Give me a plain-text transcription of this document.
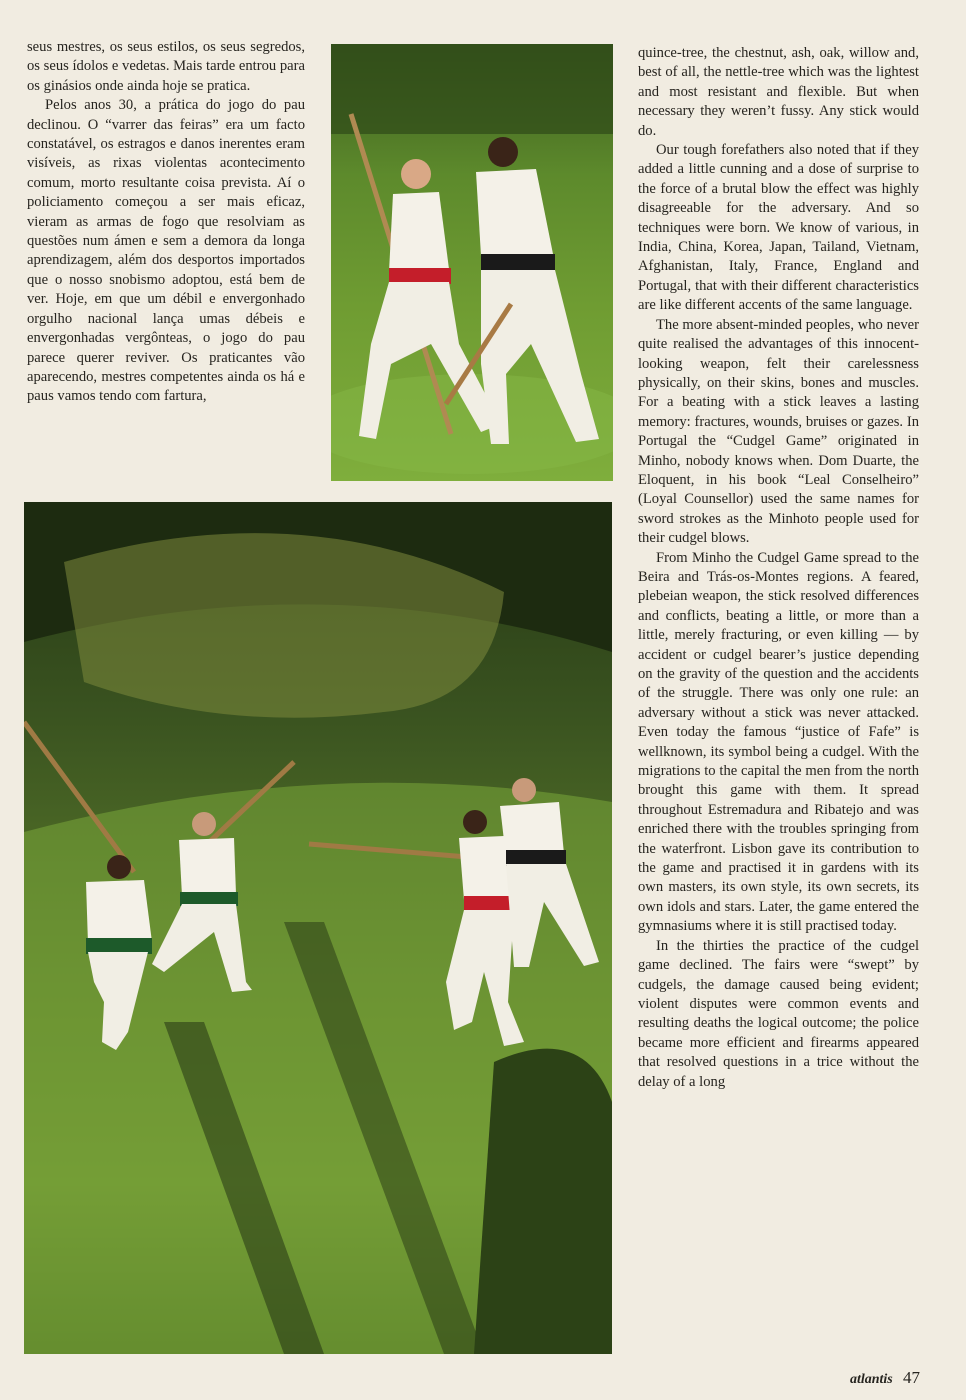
seus mestres, os seus estilos, os seus segredos, os seus ídolos e vedetas. Mais tarde entrou para os ginásios onde ainda hoje se pratica.

Pelos anos 30, a prática do jogo do pau declinou. O “varrer das feiras” era um facto constatável, os estragos e danos inerentes eram visíveis, as rixas violentas acontecimento comum, morto resultante coisa prevista. Aí o policiamento começou a ser mais eficaz, vieram as armas de fogo que resolviam as questões num ámen e sem a demora da longa aprendizagem, além dos desportos importados que o nosso snobismo adoptou, está bem de ver. Hoje, em que um débil e envergonhado orgulho nacional lança umas débeis e envergonhadas vergônteas, o jogo do pau parece querer reviver. Os praticantes vão aparecendo, mestres competentes ainda os há e paus vamos tendo com fartura,

quince-tree, the chestnut, ash, oak, willow and, best of all, the nettle-tree which was the lightest and most resistant and flexible. But when necessary they weren’t fussy. Any stick would do.

Our tough forefathers also noted that if they added a little cunning and a dose of surprise to the force of a brutal blow the effect was highly disagreeable for the adversary. And so techniques were born. We know of various, in India, China, Korea, Japan, Tailand, Vietnam, Afghanistan, Italy, France, England and Portugal, that with their different characteristics are like different accents of the same language.

The more absent-minded peoples, who never quite realised the advantages of this innocent-looking weapon, felt their carelessness physically, on their skins, bones and muscles. For a beating with a stick leaves a lasting memory: fractures, wounds, bruises or gazes. In Portugal the “Cudgel Game” originated in Minho, nobody knows when. Dom Duarte, the Eloquent, in his book “Leal Conselheiro” (Loyal Counsellor) used the same names for sword strokes as the Minhoto people used for their cudgel blows.

From Minho the Cudgel Game spread to the Beira and Trás-os-Montes regions. A feared, plebeian weapon, the stick resolved differences and conflicts, beating a little, or more than a little, merely fracturing, or even killing — by accident or cudgel bearer’s justice depending on the gravity of the question and the accidents of the struggle. There was only one rule: an adversary without a stick was never attacked. Even today the famous “justice of Fafe” is wellknown, its symbol being a cudgel. With the migrations to the capital the men from the north brought this game with them. It spread throughout Estremadura and Ribatejo and was enriched there with the troubles springing from the waterfront. Lisbon gave its contribution to the game and practised it in gardens with its own masters, its own style, its own secrets, its own idols and stars. Later, the game entered the gymnasiums where it is still practised today.

In the thirties the practice of the cudgel game declined. The fairs were “swept” by cudgels, the damage caused being evident; violent disputes were common events and resulting deaths the logical outcome; the police became more efficient and firearms appeared that resolved questions in a trice without the delay of a long

atlantis 47
